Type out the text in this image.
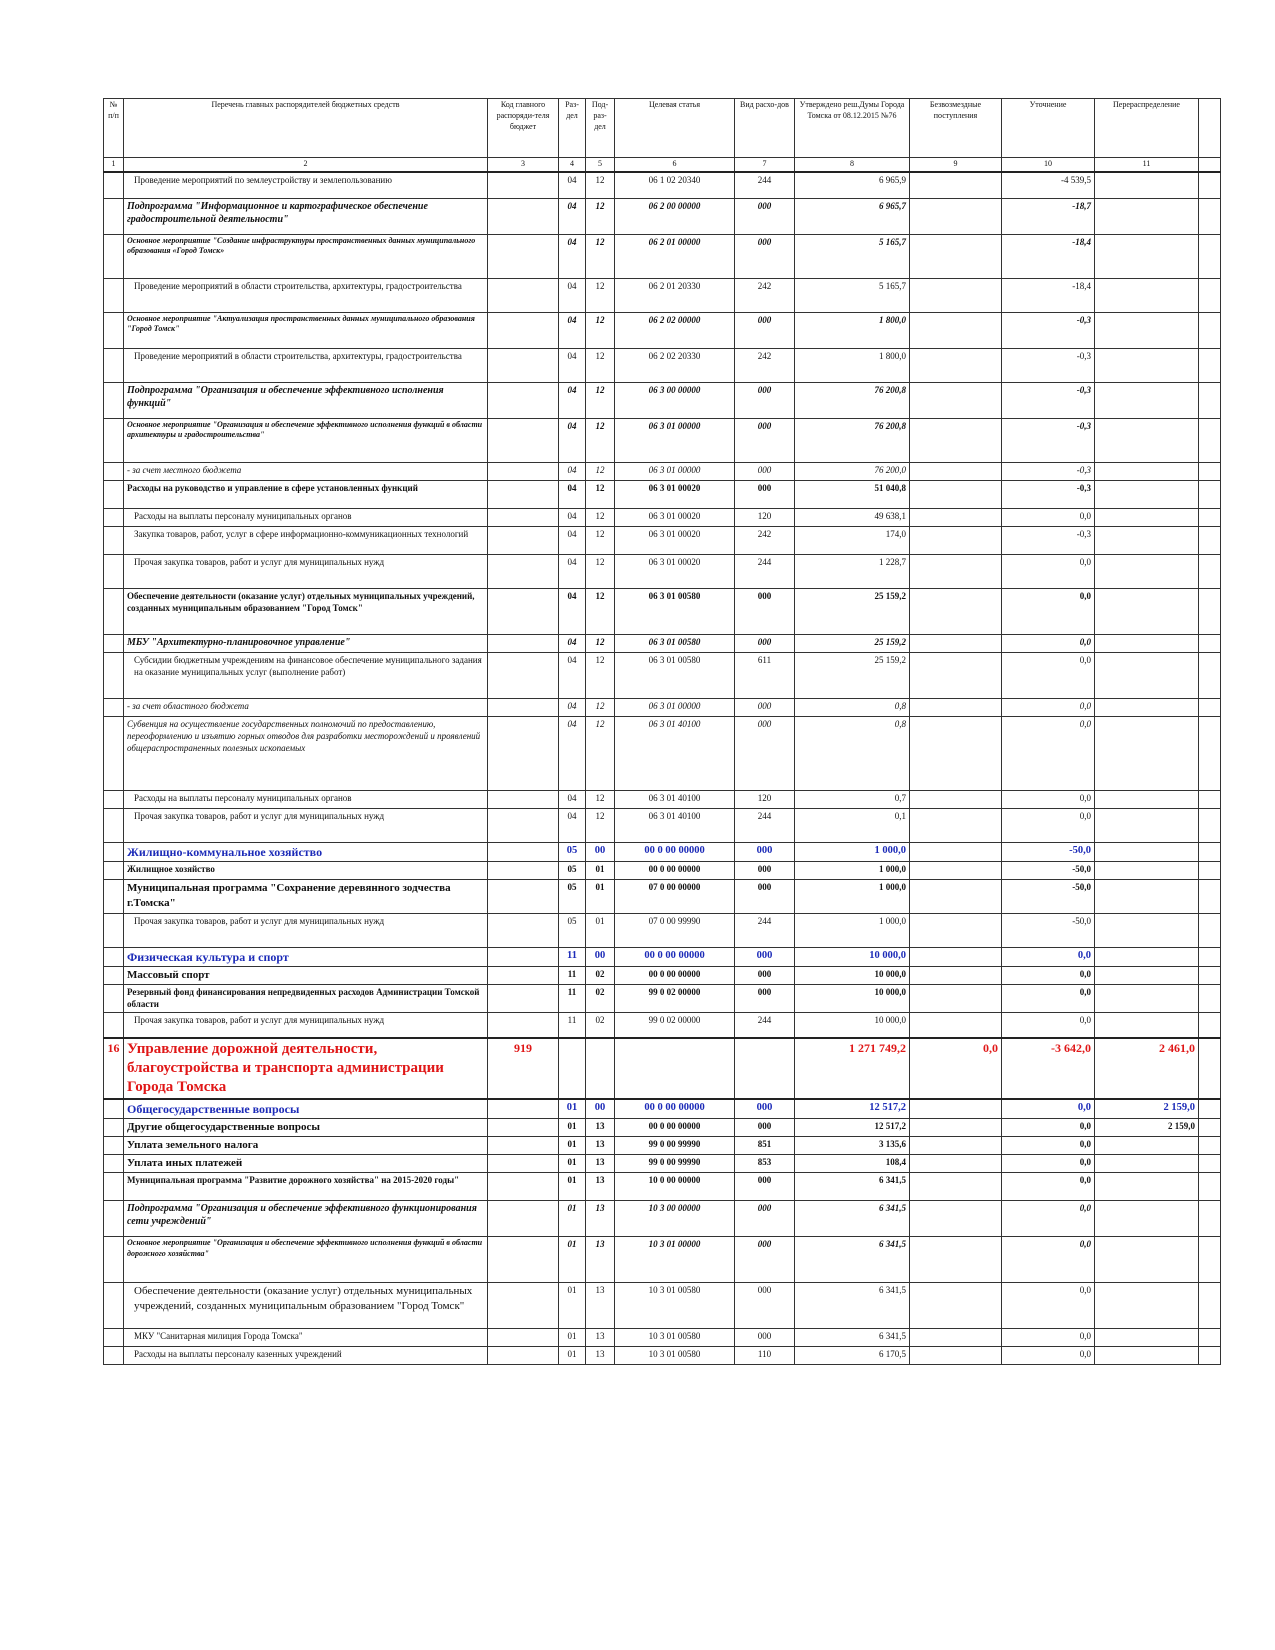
№ п/п	Перечень главных распорядителей бюджетных средств	Код главного распоряди-теля бюджет	Раз-дел	Под-раз-дел	Целевая статья	Вид расхо-дов	Утверждено реш.Думы Города Томска от 08.12.2015 №76	Безвозмездные поступления	Уточнение	Перераспределение	
1	2	3	4	5	6	7	8	9	10	11	
	Проведение мероприятий по землеустройству и землепользованию		04	12	06 1 02 20340	244	6 965,9		-4 539,5		
	Подпрограмма "Информационное и картографическое обеспечение градостроительной деятельности"		04	12	06 2 00 00000	000	6 965,7		-18,7		
	Основное мероприятие "Создание инфраструктуры пространственных данных муниципального образования «Город Томск»		04	12	06 2 01 00000	000	5 165,7		-18,4		
	Проведение мероприятий в области строительства, архитектуры, градостроительства		04	12	06 2 01 20330	242	5 165,7		-18,4		
	Основное мероприятие "Актуализация пространственных данных муниципального образования "Город Томск"		04	12	06 2 02 00000	000	1 800,0		-0,3		
	Проведение мероприятий в области строительства, архитектуры, градостроительства		04	12	06 2 02 20330	242	1 800,0		-0,3		
	Подпрограмма "Организация и обеспечение эффективного исполнения функций"		04	12	06 3 00 00000	000	76 200,8		-0,3		
	Основное мероприятие "Организация и обеспечение эффективного исполнения функций в области архитектуры и градостроительства"		04	12	06 3 01 00000	000	76 200,8		-0,3		
	- за счет местного бюджета		04	12	06 3 01 00000	000	76 200,0		-0,3		
	Расходы на руководство и управление в сфере установленных функций		04	12	06 3 01 00020	000	51 040,8		-0,3		
	Расходы на выплаты персоналу муниципальных органов		04	12	06 3 01 00020	120	49 638,1		0,0		
	Закупка товаров, работ, услуг в сфере информационно-коммуникационных технологий		04	12	06 3 01 00020	242	174,0		-0,3		
	Прочая закупка товаров, работ и услуг для муниципальных нужд		04	12	06 3 01 00020	244	1 228,7		0,0		
	Обеспечение деятельности (оказание услуг) отдельных муниципальных учреждений, созданных муниципальным образованием "Город Томск"		04	12	06 3 01 00580	000	25 159,2		0,0		
	МБУ "Архитектурно-планировочное управление"		04	12	06 3 01 00580	000	25 159,2		0,0		
	Субсидии бюджетным учреждениям на финансовое обеспечение муниципального задания на оказание муниципальных услуг (выполнение работ)		04	12	06 3 01 00580	611	25 159,2		0,0		
	- за счет областного бюджета		04	12	06 3 01 00000	000	0,8		0,0		
	Субвенция на осуществление государственных полномочий по предоставлению, переоформлению и изъятию горных отводов для разработки месторождений и проявлений общераспространенных полезных ископаемых		04	12	06 3 01 40100	000	0,8		0,0		
	Расходы на выплаты персоналу муниципальных органов		04	12	06 3 01 40100	120	0,7		0,0		
	Прочая закупка товаров, работ и услуг для муниципальных нужд		04	12	06 3 01 40100	244	0,1		0,0		
	Жилищно-коммунальное хозяйство		05	00	00 0 00 00000	000	1 000,0		-50,0		
	Жилищное хозяйство		05	01	00 0 00 00000	000	1 000,0		-50,0		
	Муниципальная программа "Сохранение деревянного зодчества г.Томска"		05	01	07 0 00 00000	000	1 000,0		-50,0		
	Прочая закупка товаров, работ и услуг для муниципальных нужд		05	01	07 0 00 99990	244	1 000,0		-50,0		
	Физическая культура и спорт		11	00	00 0 00 00000	000	10 000,0		0,0		
	Массовый спорт		11	02	00 0 00 00000	000	10 000,0		0,0		
	Резервный фонд финансирования непредвиденных расходов Администрации Томской области		11	02	99 0 02 00000	000	10 000,0		0,0		
	Прочая закупка товаров, работ и услуг для муниципальных нужд		11	02	99 0 02 00000	244	10 000,0		0,0		
16	Управление дорожной деятельности, благоустройства и транспорта администрации Города Томска	919					1 271 749,2	0,0	-3 642,0	2 461,0	
	Общегосударственные вопросы		01	00	00 0 00 00000	000	12 517,2		0,0	2 159,0	
	Другие общегосударственные вопросы		01	13	00 0 00 00000	000	12 517,2		0,0	2 159,0	
	Уплата земельного налога		01	13	99 0 00 99990	851	3 135,6		0,0		
	Уплата иных платежей		01	13	99 0 00 99990	853	108,4		0,0		
	Муниципальная программа "Развитие дорожного хозяйства" на 2015-2020 годы"		01	13	10 0 00 00000	000	6 341,5		0,0		
	Подпрограмма "Организация и обеспечение эффективного функционирования сети учреждений"		01	13	10 3 00 00000	000	6 341,5		0,0		
	Основное мероприятие "Организация и обеспечение эффективного исполнения функций в области дорожного хозяйства"		01	13	10 3 01 00000	000	6 341,5		0,0		
	Обеспечение деятельности (оказание услуг) отдельных муниципальных учреждений, созданных муниципальным образованием "Город Томск"		01	13	10 3 01 00580	000	6 341,5		0,0		
	МКУ "Санитарная милиция Города Томска"		01	13	10 3 01 00580	000	6 341,5		0,0		
	Расходы на выплаты персоналу казенных учреждений		01	13	10 3 01 00580	110	6 170,5		0,0		
